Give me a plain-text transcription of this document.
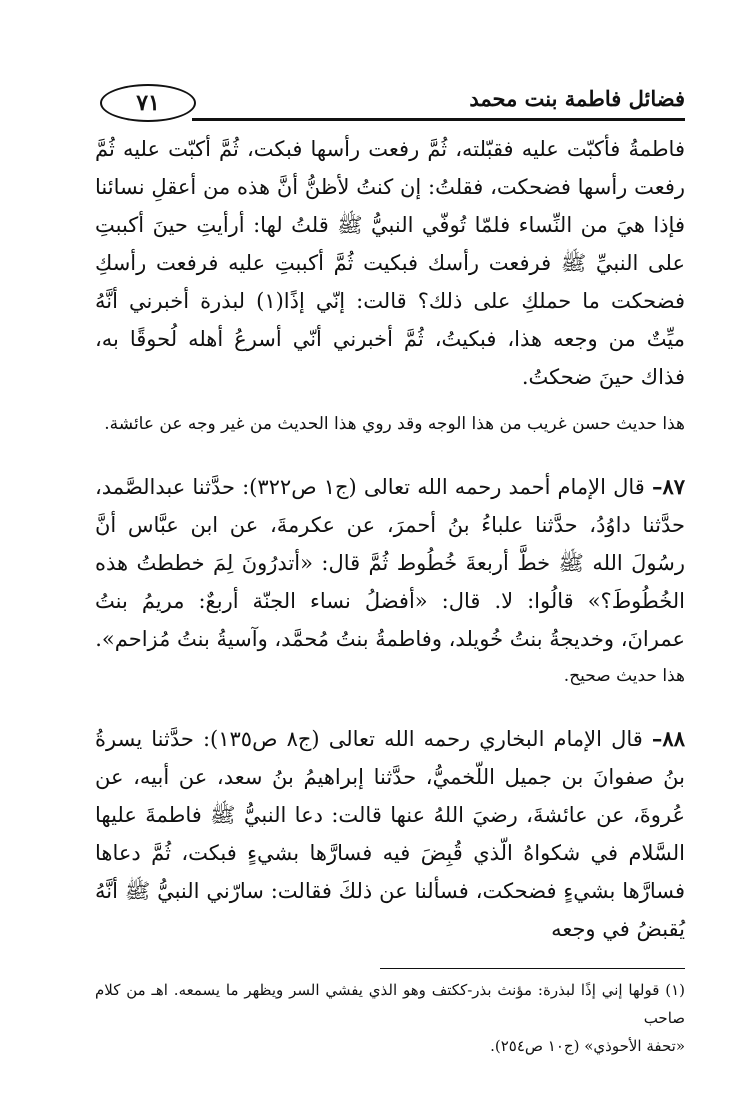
٧١	فضائل فاطمة بنت محمد

فاطمةُ فأكبّت عليه فقبّلته، ثُمَّ رفعت رأسها فبكت، ثُمَّ أكبّت عليه ثُمَّ رفعت رأسها فضحكت، فقلتُ: إن كنتُ لأظنُّ أنَّ هذه من أعقلِ نسائنا فإذا هيَ من النِّساء فلمّا تُوفّي النبيُّ ﷺ قلتُ لها: أرأيتِ حينَ أكببتِ على النبيِّ ﷺ فرفعت رأسك فبكيت ثُمَّ أكببتِ عليه فرفعت رأسكِ فضحكت ما حملكِ على ذلك؟ قالت: إنّي إذًا(١) لبذرة أخبرني أنَّهُ ميِّتٌ من وجعه هذا، فبكيتُ، ثُمَّ أخبرني أنّي أسرعُ أهله لُحوقًا به، فذاك حينَ ضحكتُ.

هذا حديث حسن غريب من هذا الوجه وقد روي هذا الحديث من غير وجه عن عائشة.

٨٧– قال الإمام أحمد رحمه الله تعالى (ج١ ص٣٢٢): حدَّثنا عبدالصَّمد، حدَّثنا داوُدُ، حدَّثنا علباءُ بنُ أحمرَ، عن عكرمةَ، عن ابن عبَّاس أنَّ رسُولَ الله ﷺ خطَّ أربعةَ خُطُوط ثُمَّ قال: «أتدرُونَ لِمَ خططتُ هذه الخُطُوطَ؟» قالُوا: لا. قال: «أفضلُ نساء الجنّة أربعٌ: مريمُ بنتُ عمرانَ، وخديجةُ بنتُ خُويلد، وفاطمةُ بنتُ مُحمَّد، وآسيةُ بنتُ مُزاحم».

هذا حديث صحيح.

٨٨– قال الإمام البخاري رحمه الله تعالى (ج٨ ص١٣٥): حدَّثنا يسرةُ بنُ صفوانَ بن جميل اللّخميُّ، حدَّثنا إبراهيمُ بنُ سعد، عن أبيه، عن عُروةَ، عن عائشةَ، رضيَ اللهُ عنها قالت: دعا النبيُّ ﷺ فاطمةَ عليها السَّلام في شكواهُ الّذي قُبِضَ فيه فسارَّها بشيءٍ فبكت، ثُمَّ دعاها فسارَّها بشيءٍ فضحكت، فسألنا عن ذلكَ فقالت: سارّني النبيُّ ﷺ أنَّهُ يُقبضُ في وجعه

(١) قولها إني إذًا لبذرة: مؤنث بذر-ككتف وهو الذي يفشي السر ويظهر ما يسمعه. اهـ من كلام صاحب

«تحفة الأحوذي» (ج١٠ ص٢٥٤).
